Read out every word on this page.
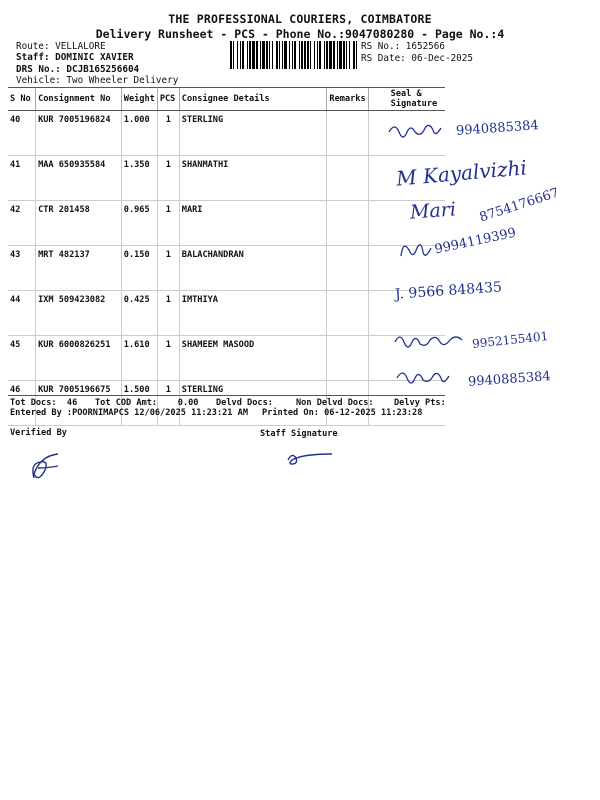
THE PROFESSIONAL COURIERS, COIMBATORE
Delivery Runsheet - PCS - Phone No.:9047080280 - Page No.:4
Route: VELLALORE
Staff: DOMINIC XAVIER
DRS No.: DCJB165256604
Vehicle: Two Wheeler Delivery
RS No.: 1652566
RS Date: 06-Dec-2025
S No	Consignment No	Weight	PCS	Consignee Details	Remarks	Seal & Signature
40	KUR 7005196824	1.000	1	STERLING		
41	MAA 650935584	1.350	1	SHANMATHI		
42	CTR 201458	0.965	1	MARI		
43	MRT 482137	0.150	1	BALACHANDRAN		
44	IXM 509423082	0.425	1	IMTHIYA		
45	KUR 6000826251	1.610	1	SHAMEEM MASOOD		
46	KUR 7005196675	1.500	1	STERLING		
9940885384
M Kayalvizhi
Mari 8754176667
9994119399
J. 9566 848435
9952155401
9940885384
Tot Docs:  46 Tot COD Amt:    0.00 Delvd Docs:	Non Delvd Docs: Delvy Pts:
Entered By :POORNIMAPCS 12/06/2025 11:23:21 AM Printed On: 06-12-2025 11:23:28
Verified By	Staff Signature
